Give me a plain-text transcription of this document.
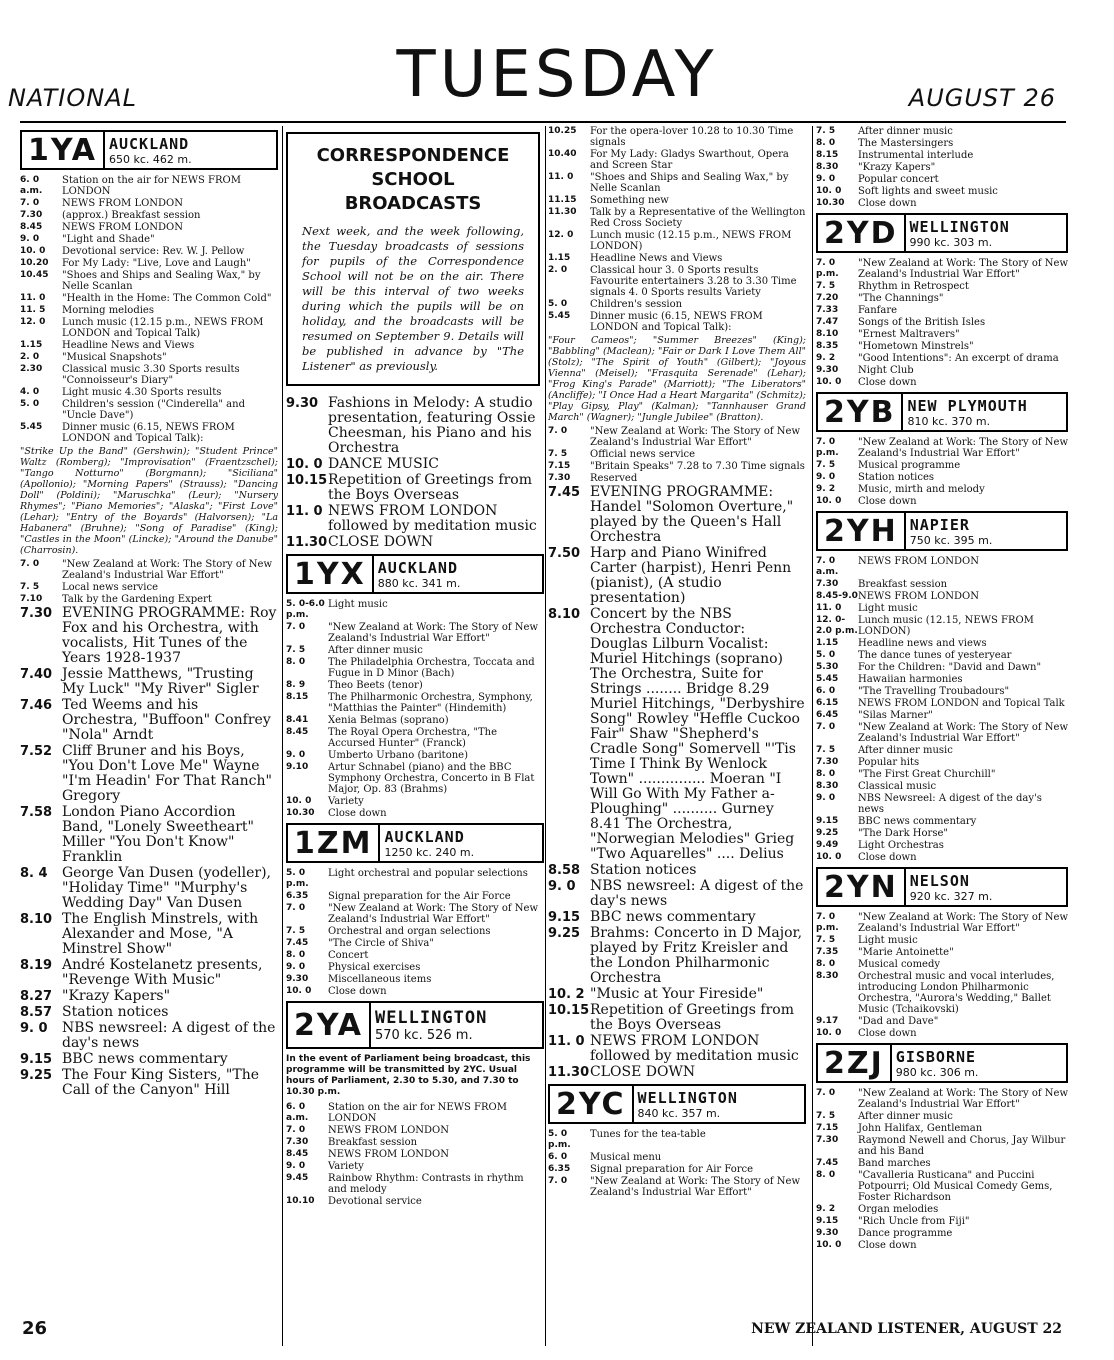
NATIONAL	TUESDAY	AUGUST 26
1YA AUCKLAND
650 kc. 462 m.
6. 0 a.m.
Station on the air for NEWS FROM LONDON
7. 0	NEWS FROM LONDON
7.30	(approx.) Breakfast session
8.45	NEWS FROM LONDON
9. 0	"Light and Shade"
10. 0	Devotional service: Rev. W. J. Pellow
10.20	For My Lady: "Live, Love and Laugh"
10.45	"Shoes and Ships and Sealing Wax," by Nelle Scanlan
11. 0	"Health in the Home: The Common Cold"
11. 5	Morning melodies
12. 0	Lunch music (12.15 p.m., NEWS FROM LONDON and Topical Talk)
1.15	Headline News and Views
2. 0	"Musical Snapshots"
2.30	Classical music 3.30 Sports results "Connoisseur's Diary"
4. 0	Light music 4.30 Sports results
5. 0	Children's session ("Cinderella" and "Uncle Dave")
5.45	Dinner music (6.15, NEWS FROM LONDON and Topical Talk):
"Strike Up the Band" (Gershwin); "Student Prince" Waltz (Romberg); "Improvisation" (Fraentzschel); "Tango Notturno" (Borgmann); "Siciliana" (Apollonio); "Morning Papers" (Strauss); "Dancing Doll" (Poldini); "Maruschka" (Leur); "Nursery Rhymes"; "Piano Memories"; "Alaska"; "First Love" (Lehar); "Entry of the Boyards" (Halvorsen); "La Habanera" (Bruhne); "Song of Paradise" (King); "Castles in the Moon" (Lincke); "Around the Danube" (Charrosin).
7. 0	"New Zealand at Work: The Story of New Zealand's Industrial War Effort"
7. 5	Local news service
7.10	Talk by the Gardening Expert
7.30 EVENING PROGRAMME: Roy Fox and his Orchestra, with vocalists, Hit Tunes of the Years 1928-1937
7.40 Jessie Matthews, "Trusting My Luck" "My River" Sigler
7.46 Ted Weems and his Orchestra, "Buffoon" Confrey "Nola" Arndt
7.52 Cliff Bruner and his Boys, "You Don't Love Me" Wayne "I'm Headin' For That Ranch" Gregory
7.58 London Piano Accordion Band, "Lonely Sweetheart" Miller "You Don't Know" Franklin
8. 4	George Van Dusen (yodeller), "Holiday Time" "Murphy's Wedding Day" Van Dusen
8.10 The English Minstrels, with Alexander and Mose, "A Minstrel Show"
8.19 André Kostelanetz presents, "Revenge With Music"
8.27 "Krazy Kapers"
8.57 Station notices
9. 0	NBS newsreel: A digest of the day's news
9.15 BBC news commentary
9.25 The Four King Sisters, "The Call of the Canyon" Hill
CORRESPONDENCE
SCHOOL BROADCASTS
Next week, and the week following, the Tuesday broadcasts of sessions for pupils of the Correspondence School will not be on the air. There will be this interval of two weeks during which the pupils will be on holiday, and the broadcasts will be resumed on September 9. Details will be published in advance by "The Listener" as previously.
9.30 Fashions in Melody: A studio presentation, featuring Ossie Cheesman, his Piano and his Orchestra
10. 0 DANCE MUSIC
10.15 Repetition of Greetings from the Boys Overseas
11. 0 NEWS FROM LONDON followed by meditation music
11.30 CLOSE DOWN
1YX AUCKLAND
880 kc. 341 m.
5. 0-6.0 p.m.
Light music
7. 0	"New Zealand at Work: The Story of New Zealand's Industrial War Effort"
7. 5	After dinner music
8. 0	The Philadelphia Orchestra, Toccata and Fugue in D Minor (Bach)
8. 9	Theo Beets (tenor)
8.15	The Philharmonic Orchestra, Symphony, "Matthias the Painter" (Hindemith)
8.41	Xenia Belmas (soprano)
8.45	The Royal Opera Orchestra, "The Accursed Hunter" (Franck)
9. 0	Umberto Urbano (baritone)
9.10	Artur Schnabel (piano) and the BBC Symphony Orchestra, Concerto in B Flat Major, Op. 83 (Brahms)
10. 0	Variety
10.30	Close down
1ZM AUCKLAND
1250 kc. 240 m.
5. 0 p.m.
Light orchestral and popular selections
6.35	Signal preparation for the Air Force
7. 0	"New Zealand at Work: The Story of New Zealand's Industrial War Effort"
7. 5	Orchestral and organ selections
7.45	"The Circle of Shiva"
8. 0	Concert
9. 0	Physical exercises
9.30	Miscellaneous items
10. 0	Close down
2YA WELLINGTON
570 kc. 526 m.
In the event of Parliament being broadcast, this programme will be transmitted by 2YC. Usual hours of Parliament, 2.30 to 5.30, and 7.30 to 10.30 p.m.
6. 0 a.m.
Station on the air for NEWS FROM LONDON
7. 0	NEWS FROM LONDON
7.30	Breakfast session
8.45	NEWS FROM LONDON
9. 0	Variety
9.45	Rainbow Rhythm: Contrasts in rhythm and melody
10.10	Devotional service
10.25	For the opera-lover 10.28 to 10.30 Time signals
10.40	For My Lady: Gladys Swarthout, Opera and Screen Star
11. 0	"Shoes and Ships and Sealing Wax," by Nelle Scanlan
11.15	Something new
11.30	Talk by a Representative of the Wellington Red Cross Society
12. 0	Lunch music (12.15 p.m., NEWS FROM LONDON)
1.15	Headline News and Views
2. 0	Classical hour 3. 0 Sports results Favourite entertainers 3.28 to 3.30 Time signals 4. 0 Sports results Variety
5. 0	Children's session
5.45	Dinner music (6.15, NEWS FROM LONDON and Topical Talk):
"Four Cameos"; "Summer Breezes" (King); "Babbling" (Maclean); "Fair or Dark I Love Them All" (Stolz); "The Spirit of Youth" (Gilbert); "Joyous Vienna" (Meisel); "Frasquita Serenade" (Lehar); "Frog King's Parade" (Marriott); "The Liberators" (Ancliffe); "I Once Had a Heart Margarita" (Schmitz); "Play Gipsy, Play" (Kalman); "Tannhauser Grand March" (Wagner); "Jungle Jubilee" (Bratton).
7. 0	"New Zealand at Work: The Story of New Zealand's Industrial War Effort"
7. 5	Official news service
7.15	"Britain Speaks" 7.28 to 7.30 Time signals
7.30	Reserved
7.45 EVENING PROGRAMME: Handel "Solomon Overture," played by the Queen's Hall Orchestra
7.50 Harp and Piano Winifred Carter (harpist), Henri Penn (pianist), (A studio presentation)
8.10 Concert by the NBS Orchestra Conductor: Douglas Lilburn Vocalist: Muriel Hitchings (soprano) The Orchestra, Suite for Strings ........ Bridge 8.29 Muriel Hitchings, "Derbyshire Song" Rowley "Heffle Cuckoo Fair" Shaw "Shepherd's Cradle Song" Somervell "'Tis Time I Think By Wenlock Town" ............... Moeran "I Will Go With My Father a-Ploughing" .......... Gurney 8.41 The Orchestra, "Norwegian Melodies" Grieg "Two Aquarelles" .... Delius
8.58 Station notices
9. 0	NBS newsreel: A digest of the day's news
9.15 BBC news commentary
9.25 Brahms: Concerto in D Major, played by Fritz Kreisler and the London Philharmonic Orchestra
10. 2 "Music at Your Fireside"
10.15 Repetition of Greetings from the Boys Overseas
11. 0 NEWS FROM LONDON followed by meditation music
11.30 CLOSE DOWN
2YC WELLINGTON
840 kc. 357 m.
5. 0 p.m.
Tunes for the tea-table
6. 0	Musical menu
6.35	Signal preparation for Air Force
7. 0	"New Zealand at Work: The Story of New Zealand's Industrial War Effort"
7. 5	After dinner music
8. 0	The Mastersingers
8.15	Instrumental interlude
8.30	"Krazy Kapers"
9. 0	Popular concert
10. 0	Soft lights and sweet music
10.30	Close down
2YD WELLINGTON
990 kc. 303 m.
7. 0 p.m.
"New Zealand at Work: The Story of New Zealand's Industrial War Effort"
7. 5	Rhythm in Retrospect
7.20	"The Channings"
7.33	Fanfare
7.47	Songs of the British Isles
8.10	"Ernest Maltravers"
8.35	"Hometown Minstrels"
9. 2	"Good Intentions": An excerpt of drama
9.30	Night Club
10. 0	Close down
2YB NEW PLYMOUTH
810 kc. 370 m.
7. 0 p.m.
"New Zealand at Work: The Story of New Zealand's Industrial War Effort"
7. 5	Musical programme
9. 0	Station notices
9. 2	Music, mirth and melody
10. 0	Close down
2YH NAPIER
750 kc. 395 m.
7. 0 a.m.
NEWS FROM LONDON
7.30	Breakfast session
8.45-9.0 NEWS FROM LONDON
11. 0	Light music
12. 0-2.0 p.m.
Lunch music (12.15, NEWS FROM LONDON)
1.15	Headline news and views
5. 0	The dance tunes of yesteryear
5.30	For the Children: "David and Dawn"
5.45	Hawaiian harmonies
6. 0	"The Travelling Troubadours"
6.15	NEWS FROM LONDON and Topical Talk
6.45	"Silas Marner"
7. 0	"New Zealand at Work: The Story of New Zealand's Industrial War Effort"
7. 5	After dinner music
7.30	Popular hits
8. 0	"The First Great Churchill"
8.30	Classical music
9. 0	NBS Newsreel: A digest of the day's news
9.15	BBC news commentary
9.25	"The Dark Horse"
9.49	Light Orchestras
10. 0	Close down
2YN NELSON
920 kc. 327 m.
7. 0 p.m.
"New Zealand at Work: The Story of New Zealand's Industrial War Effort"
7. 5	Light music
7.35	"Marie Antoinette"
8. 0	Musical comedy
8.30	Orchestral music and vocal interludes, introducing London Philharmonic Orchestra, "Aurora's Wedding," Ballet Music (Tchaikovski)
9.17	"Dad and Dave"
10. 0	Close down
2ZJ GISBORNE
980 kc. 306 m.
7. 0	"New Zealand at Work: The Story of New Zealand's Industrial War Effort"
7. 5	After dinner music
7.15	John Halifax, Gentleman
7.30	Raymond Newell and Chorus, Jay Wilbur and his Band
7.45	Band marches
8. 0	"Cavalleria Rusticana" and Puccini Potpourri; Old Musical Comedy Gems, Foster Richardson
9. 2	Organ melodies
9.15	"Rich Uncle from Fiji"
9.30	Dance programme
10. 0	Close down
26	NEW ZEALAND LISTENER, AUGUST 22
